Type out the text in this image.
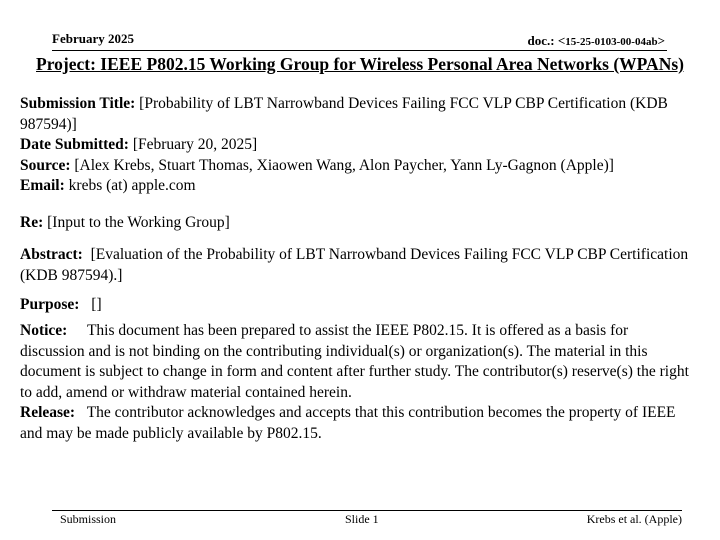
February 2025	doc.: <15-25-0103-00-04ab>
Project: IEEE P802.15 Working Group for Wireless Personal Area Networks (WPANs)
Submission Title: [Probability of LBT Narrowband Devices Failing FCC VLP CBP Certification (KDB 987594)]
Date Submitted: [February 20, 2025]
Source: [Alex Krebs, Stuart Thomas, Xiaowen Wang, Alon Paycher, Yann Ly-Gagnon (Apple)]
Email: krebs (at) apple.com
Re: [Input to the Working Group]
Abstract: [Evaluation of the Probability of LBT Narrowband Devices Failing FCC VLP CBP Certification (KDB 987594).]
Purpose: []
Notice: This document has been prepared to assist the IEEE P802.15. It is offered as a basis for discussion and is not binding on the contributing individual(s) or organization(s). The material in this document is subject to change in form and content after further study. The contributor(s) reserve(s) the right to add, amend or withdraw material contained herein.
Release: The contributor acknowledges and accepts that this contribution becomes the property of IEEE and may be made publicly available by P802.15.
Submission	Slide 1	Krebs et al. (Apple)
